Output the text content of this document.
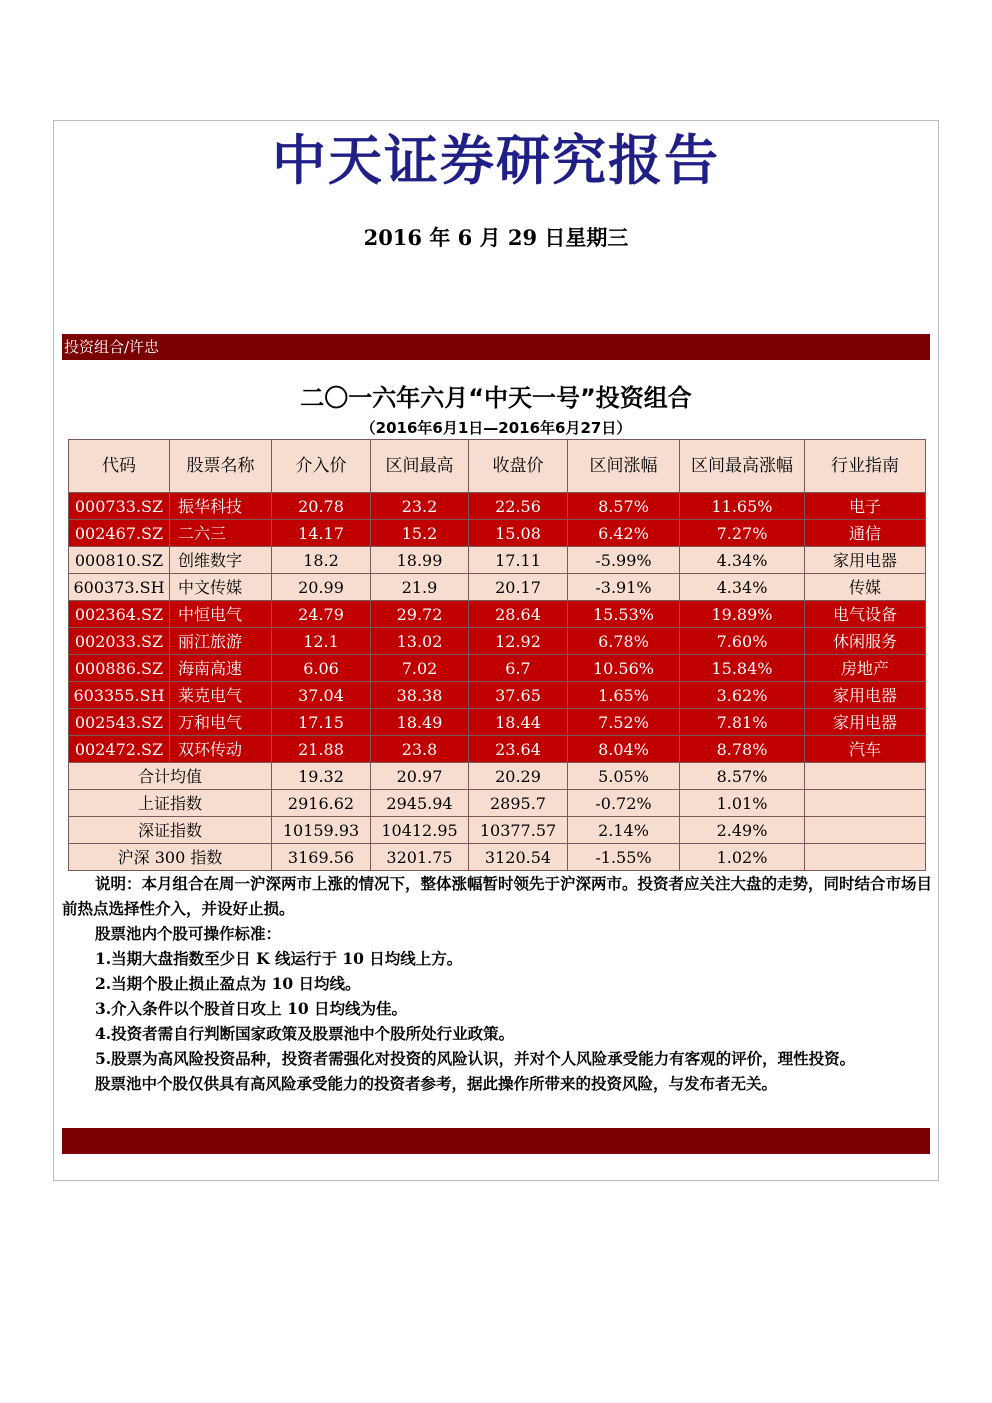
中天证券研究报告
2016 年 6 月 29 日星期三
投资组合/许忠
二〇一六年六月“中天一号”投资组合
（2016年6月1日—2016年6月27日）
代码	股票名称	介入价	区间最高	收盘价	区间涨幅	区间最高涨幅	行业指南
000733.SZ	振华科技	20.78	23.2	22.56	8.57%	11.65%	电子
002467.SZ	二六三	14.17	15.2	15.08	6.42%	7.27%	通信
000810.SZ	创维数字	18.2	18.99	17.11	-5.99%	4.34%	家用电器
600373.SH	中文传媒	20.99	21.9	20.17	-3.91%	4.34%	传媒
002364.SZ	中恒电气	24.79	29.72	28.64	15.53%	19.89%	电气设备
002033.SZ	丽江旅游	12.1	13.02	12.92	6.78%	7.60%	休闲服务
000886.SZ	海南高速	6.06	7.02	6.7	10.56%	15.84%	房地产
603355.SH	莱克电气	37.04	38.38	37.65	1.65%	3.62%	家用电器
002543.SZ	万和电气	17.15	18.49	18.44	7.52%	7.81%	家用电器
002472.SZ	双环传动	21.88	23.8	23.64	8.04%	8.78%	汽车
合计均值		19.32	20.97	20.29	5.05%	8.57%	
上证指数		2916.62	2945.94	2895.7	-0.72%	1.01%	
深证指数		10159.93	10412.95	10377.57	2.14%	2.49%	
沪深 300 指数		3169.56	3201.75	3120.54	-1.55%	1.02%	

说明：本月组合在周一沪深两市上涨的情况下，整体涨幅暂时领先于沪深两市。投资者应关注大盘的走势，同时结合市场目前热点选择性介入，并设好止损。

股票池内个股可操作标准：

1.当期大盘指数至少日 K 线运行于 10 日均线上方。

2.当期个股止损止盈点为 10 日均线。

3.介入条件以个股首日攻上 10 日均线为佳。

4.投资者需自行判断国家政策及股票池中个股所处行业政策。

5.股票为高风险投资品种，投资者需强化对投资的风险认识，并对个人风险承受能力有客观的评价，理性投资。

股票池中个股仅供具有高风险承受能力的投资者参考，据此操作所带来的投资风险，与发布者无关。
